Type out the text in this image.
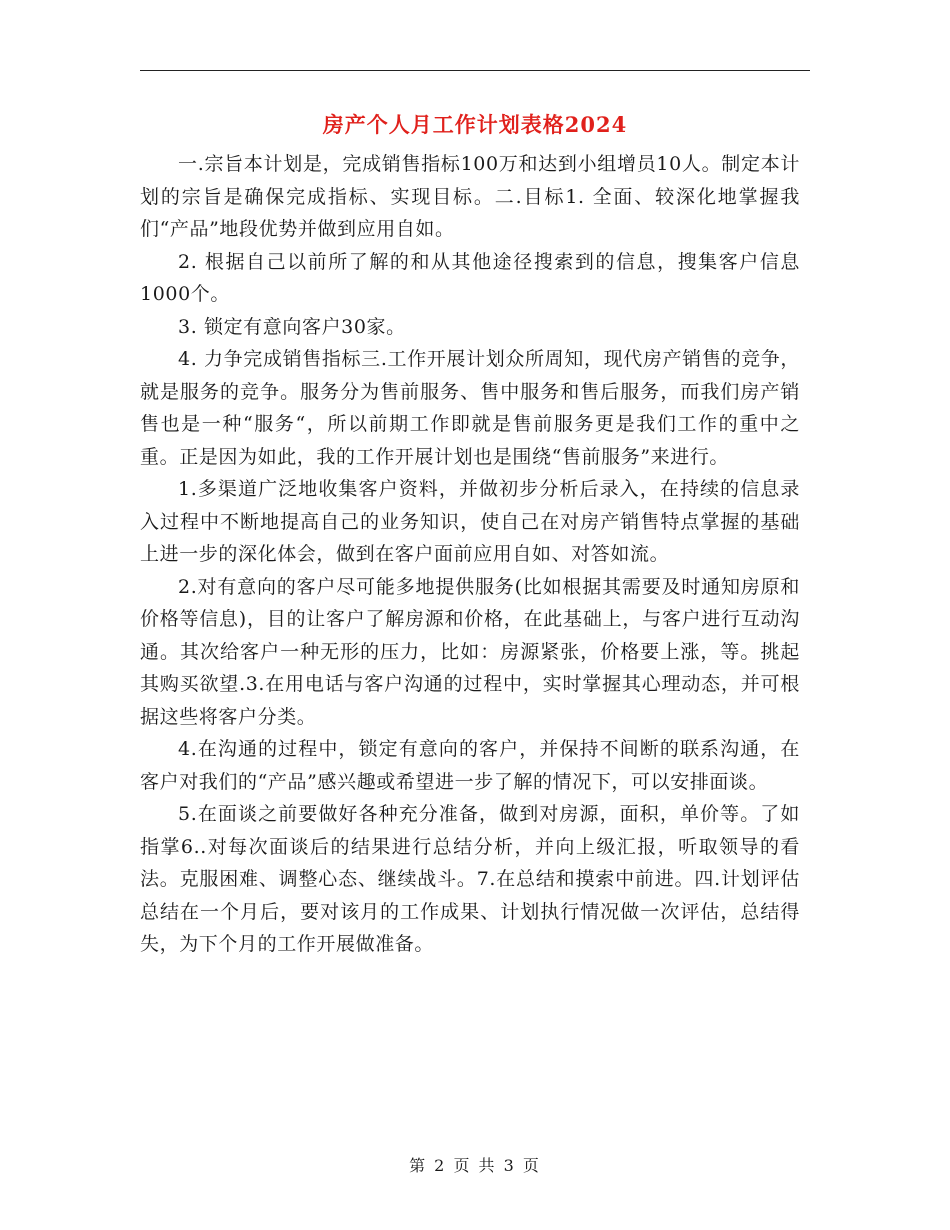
房产个人月工作计划表格2024

一.宗旨本计划是，完成销售指标100万和达到小组增员10人。制定本计划的宗旨是确保完成指标、实现目标。二.目标1. 全面、较深化地掌握我们“产品”地段优势并做到应用自如。

2. 根据自己以前所了解的和从其他途径搜索到的信息，搜集客户信息1000个。

3. 锁定有意向客户30家。

4. 力争完成销售指标三.工作开展计划众所周知，现代房产销售的竞争，就是服务的竞争。服务分为售前服务、售中服务和售后服务，而我们房产销售也是一种“服务“，所以前期工作即就是售前服务更是我们工作的重中之重。正是因为如此，我的工作开展计划也是围绕“售前服务”来进行。

1.多渠道广泛地收集客户资料，并做初步分析后录入，在持续的信息录入过程中不断地提高自己的业务知识，使自己在对房产销售特点掌握的基础上进一步的深化体会，做到在客户面前应用自如、对答如流。

2.对有意向的客户尽可能多地提供服务(比如根据其需要及时通知房原和价格等信息)，目的让客户了解房源和价格，在此基础上，与客户进行互动沟通。其次给客户一种无形的压力，比如：房源紧张，价格要上涨，等。挑起其购买欲望.3.在用电话与客户沟通的过程中，实时掌握其心理动态，并可根据这些将客户分类。

4.在沟通的过程中，锁定有意向的客户，并保持不间断的联系沟通，在客户对我们的“产品”感兴趣或希望进一步了解的情况下，可以安排面谈。

5.在面谈之前要做好各种充分准备，做到对房源，面积，单价等。了如指掌6..对每次面谈后的结果进行总结分析，并向上级汇报，听取领导的看法。克服困难、调整心态、继续战斗。7.在总结和摸索中前进。四.计划评估总结在一个月后，要对该月的工作成果、计划执行情况做一次评估，总结得失，为下个月的工作开展做准备。

第 2 页 共 3 页
